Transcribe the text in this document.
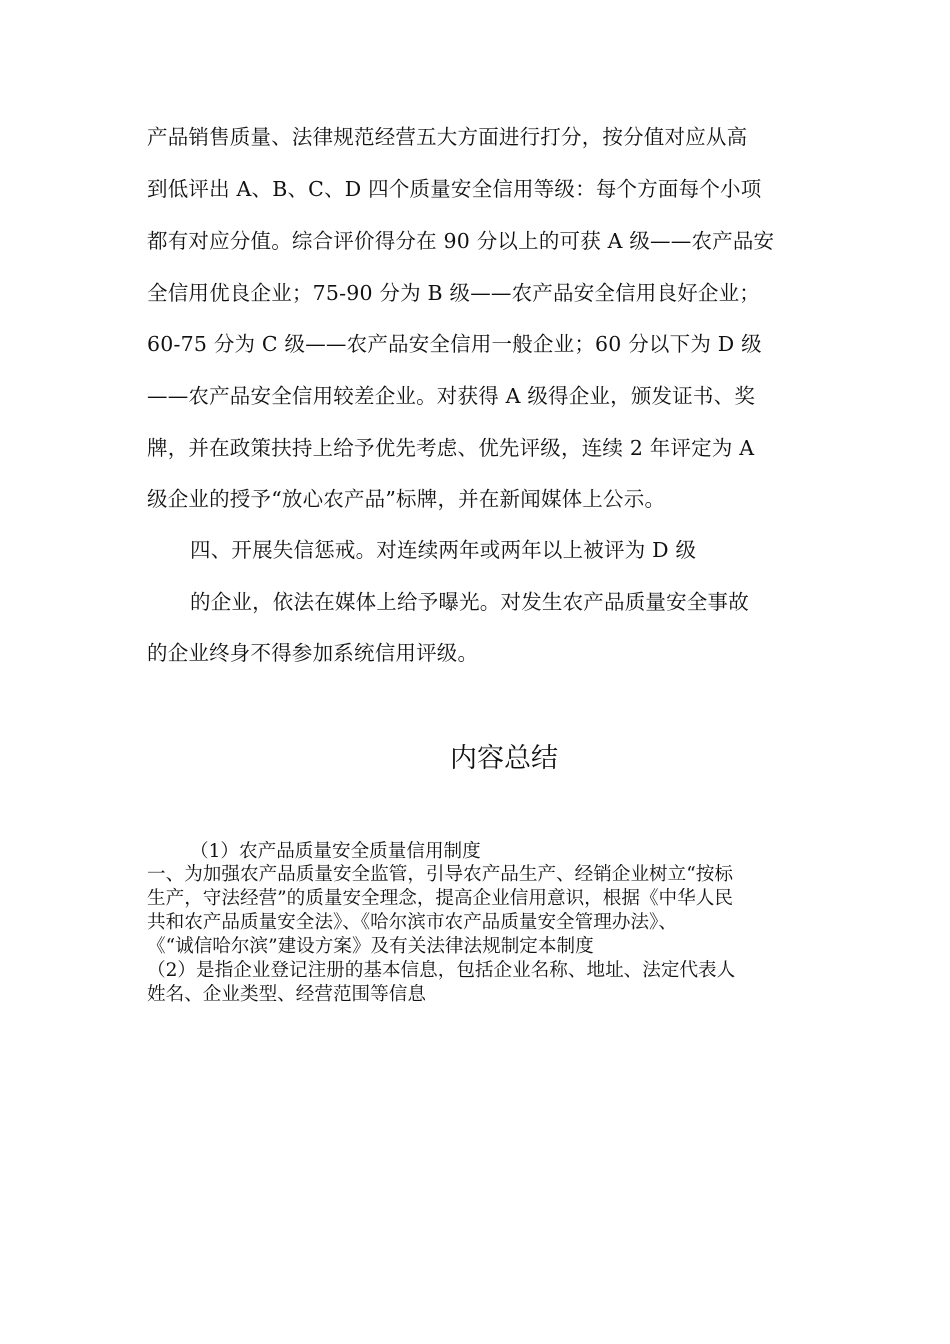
产品销售质量、法律规范经营五大方面进行打分，按分值对应从高
到低评出 A、B、C、D 四个质量安全信用等级：每个方面每个小项
都有对应分值。综合评价得分在 90 分以上的可获 A 级——农产品安
全信用优良企业；75-90 分为 B 级——农产品安全信用良好企业；
60-75 分为 C 级——农产品安全信用一般企业；60 分以下为 D 级
——农产品安全信用较差企业。对获得 A 级得企业，颁发证书、奖
牌，并在政策扶持上给予优先考虑、优先评级，连续 2 年评定为 A
级企业的授予“放心农产品”标牌，并在新闻媒体上公示。
四、开展失信惩戒。对连续两年或两年以上被评为 D 级
的企业，依法在媒体上给予曝光。对发生农产品质量安全事故
的企业终身不得参加系统信用评级。
内容总结
（1）农产品质量安全质量信用制度
一、为加强农产品质量安全监管，引导农产品生产、经销企业树立“按标
生产，守法经营”的质量安全理念，提高企业信用意识，根据《中华人民
共和农产品质量安全法》、《哈尔滨市农产品质量安全管理办法》、
《“诚信哈尔滨”建设方案》及有关法律法规制定本制度
（2）是指企业登记注册的基本信息，包括企业名称、地址、法定代表人
姓名、企业类型、经营范围等信息
